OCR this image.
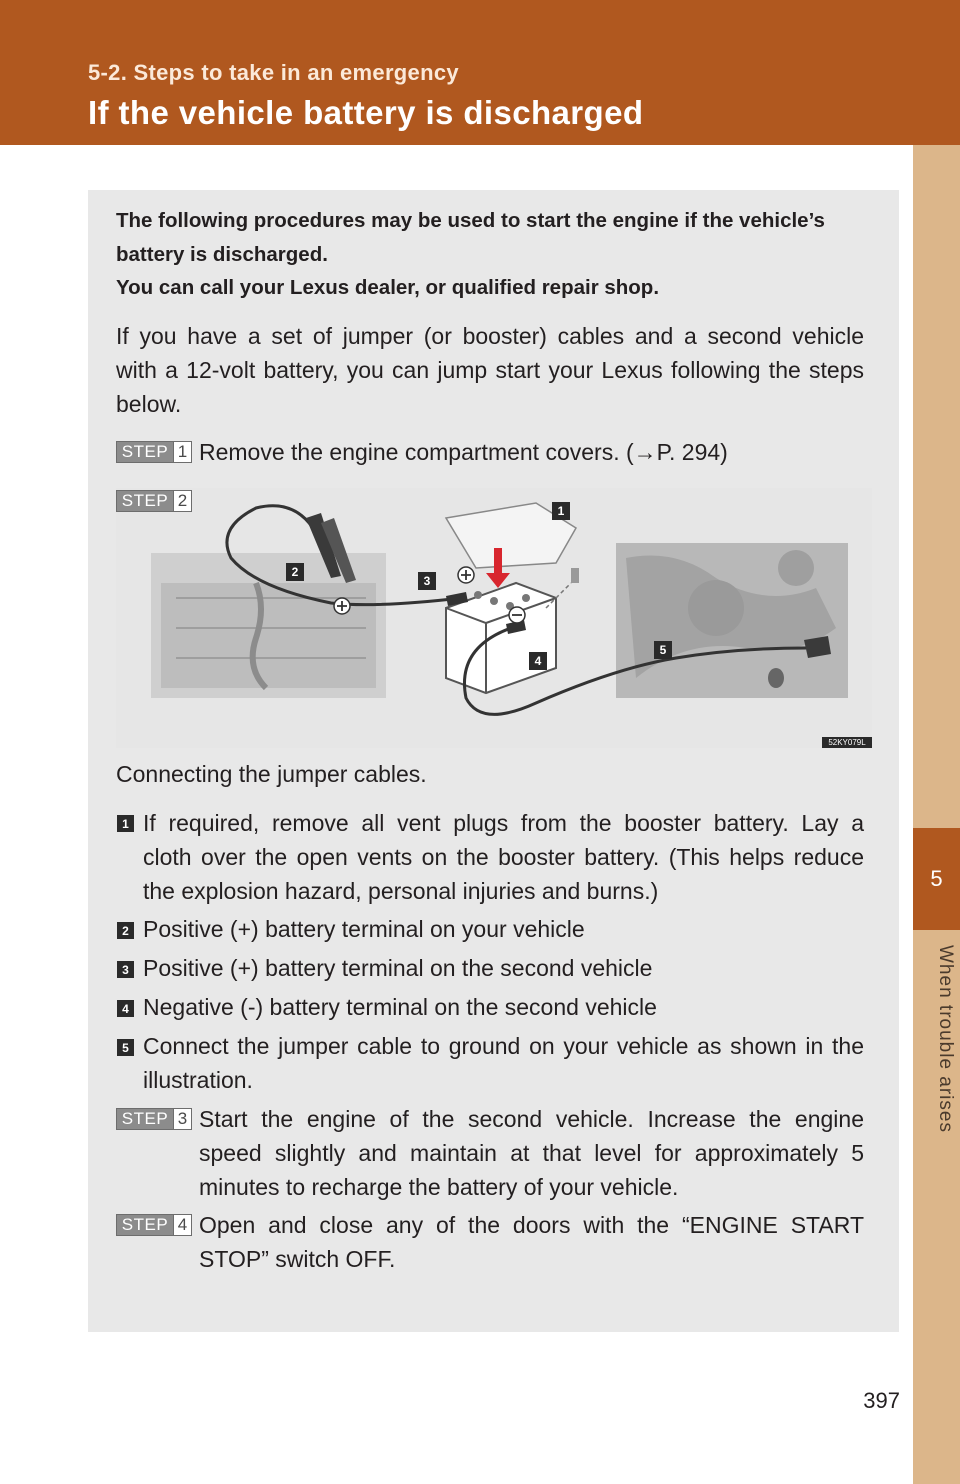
5-2. Steps to take in an emergency
If the vehicle battery is discharged
5
When trouble arises

The following procedures may be used to start the engine if the vehicle’s

battery is discharged.

You can call your Lexus dealer, or qualified repair shop.

If you have a set of jumper (or booster) cables and a second vehicle

with a 12-volt battery, you can jump start your Lexus following the steps

below.

STEP 1 Remove the engine compartment covers. (→P. 294)

1
2
3
4
5
52KY079L
STEP 2

Connecting the jumper cables.

1 If required, remove all vent plugs from the booster battery. Lay a

cloth over the open vents on the booster battery. (This helps reduce

the explosion hazard, personal injuries and burns.)

2 Positive (+) battery terminal on your vehicle

3 Positive (+) battery terminal on the second vehicle

4 Negative (-) battery terminal on the second vehicle

5 Connect the jumper cable to ground on your vehicle as shown in the

illustration.

STEP 3 Start the engine of the second vehicle. Increase the engine

speed slightly and maintain at that level for approximately 5

minutes to recharge the battery of your vehicle.

STEP 4 Open and close any of the doors with the “ENGINE START

STOP” switch OFF.

397
